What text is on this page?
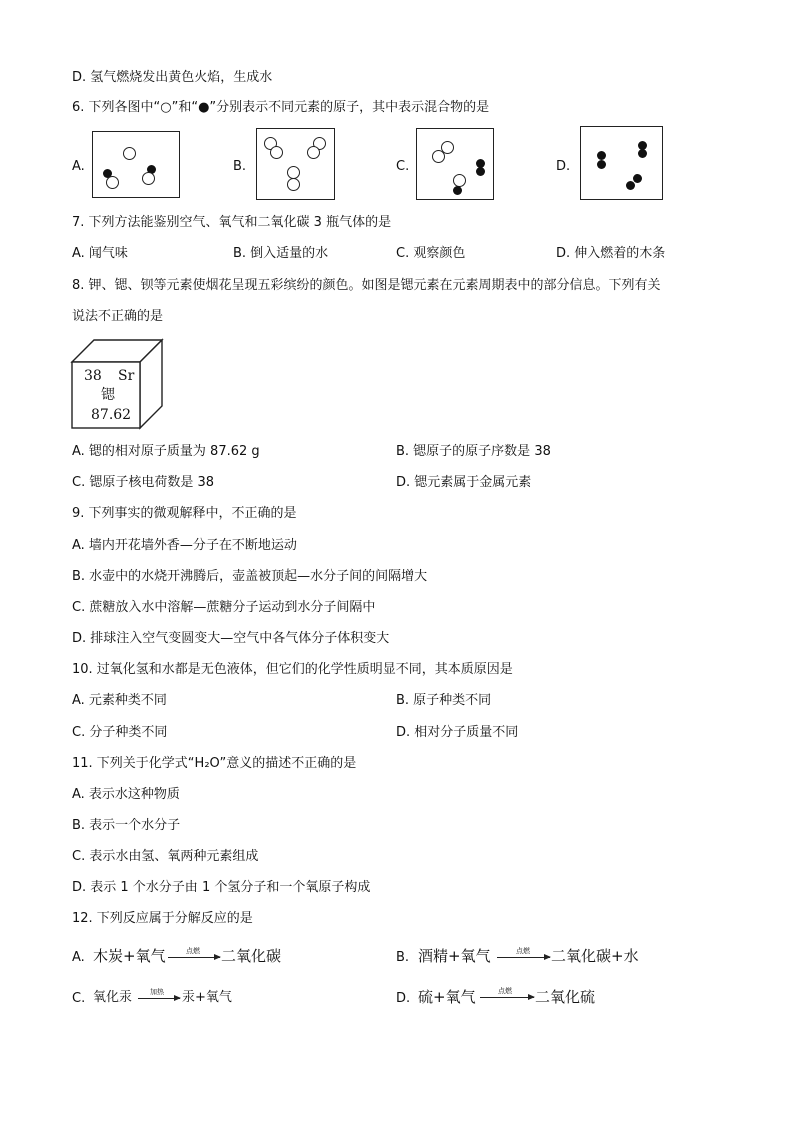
D. 氢气燃烧发出黄色火焰，生成水
6. 下列各图中“○”和“●”分别表示不同元素的原子，其中表示混合物的是
A.	B.	C.	D.
7. 下列方法能鉴别空气、氧气和二氧化碳 3 瓶气体的是
A. 闻气味	B. 倒入适量的水	C. 观察颜色	D. 伸入燃着的木条
8. 钾、锶、钡等元素使烟花呈现五彩缤纷的颜色。如图是锶元素在元素周期表中的部分信息。下列有关
说法不正确的是
38 Sr
锶
87.62
A. 锶的相对原子质量为 87.62 g	B. 锶原子的原子序数是 38
C. 锶原子核电荷数是 38	D. 锶元素属于金属元素
9. 下列事实的微观解释中，不正确的是
A. 墙内开花墙外香—分子在不断地运动
B. 水壶中的水烧开沸腾后，壶盖被顶起—水分子间的间隔增大
C. 蔗糖放入水中溶解—蔗糖分子运动到水分子间隔中
D. 排球注入空气变圆变大—空气中各气体分子体积变大
10. 过氧化氢和水都是无色液体，但它们的化学性质明显不同，其本质原因是
A. 元素种类不同	B. 原子种类不同
C. 分子种类不同	D. 相对分子质量不同
11. 下列关于化学式“H₂O”意义的描述不正确的是
A. 表示水这种物质
B. 表示一个水分子
C. 表示水由氢、氧两种元素组成
D. 表示 1 个水分子由 1 个氢分子和一个氧原子构成
12. 下列反应属于分解反应的是
A. 木炭+氧气	点燃 → 二氧化碳	B. 酒精+氧气	点燃 二氧化碳+水
C. 氧化汞	加热 → 汞+氧气	D. 硫+氧气	点燃 二氧化硫
